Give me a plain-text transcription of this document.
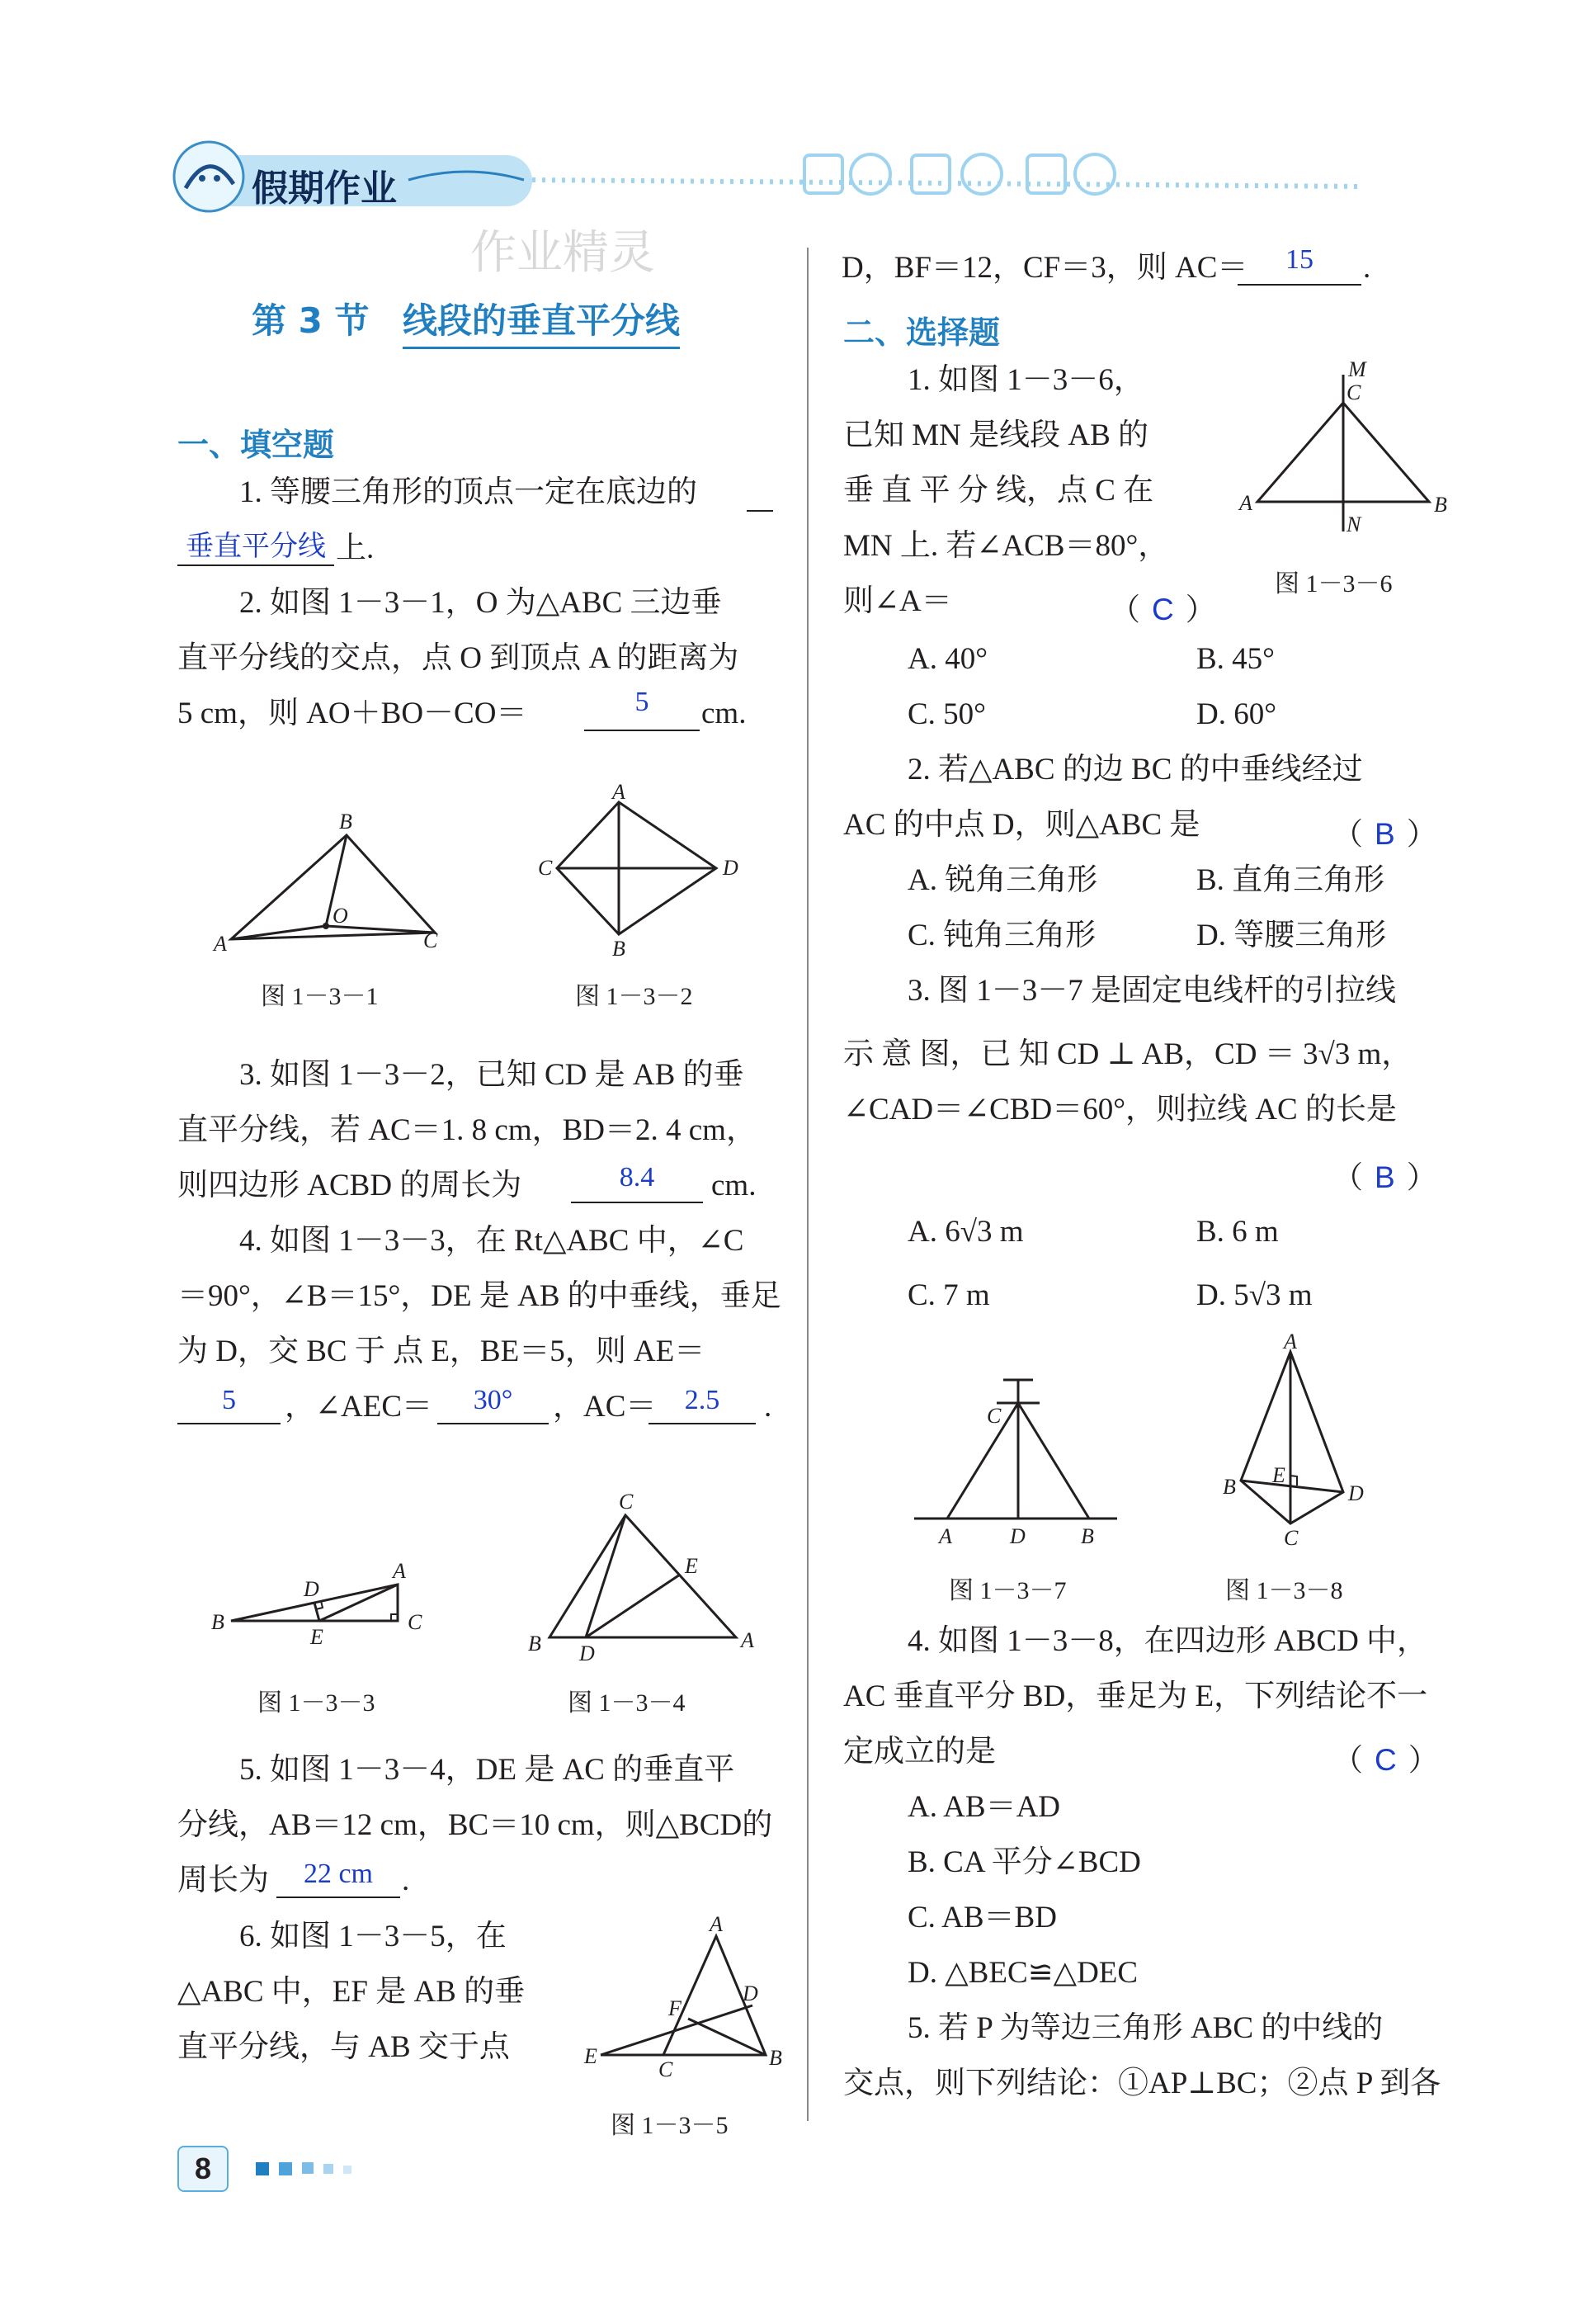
假期作业
作业精灵
第 3 节 线段的垂直平分线
一、填空题
1. 等腰三角形的顶点一定在底边的
垂直平分线 上.
2. 如图 1－3－1，O 为△ABC 三边垂
直平分线的交点，点 O 到顶点 A 的距离为
5 cm，则 AO＋BO－CO＝	5	cm.
A
B
C
O
图 1－3－1
A
B
C	D
图 1－3－2
3. 如图 1－3－2，已知 CD 是 AB 的垂
直平分线，若 AC＝1. 8 cm，BD＝2. 4 cm，
则四边形 ACBD 的周长为	8.4	cm.
4. 如图 1－3－3，在 Rt△ABC 中，∠C
＝90°，∠B＝15°，DE 是 AB 的中垂线，垂足
为 D，交 BC 于 点 E，BE＝5，则 AE＝
5	，∠AEC＝	30°	，AC＝	2.5	.
B
A
C
D
E
图 1－3－3
C
E
B D
A
图 1－3－4
5. 如图 1－3－4，DE 是 AC 的垂直平
分线，AB＝12 cm，BC＝10 cm，则△BCD的
周长为	22 cm .
6. 如图 1－3－5，在
△ABC 中，EF 是 AB 的垂
直平分线，与 AB 交于点
A
B
C
D
E
F
图 1－3－5
D，BF＝12，CF＝3，则 AC＝	15	.
二、选择题
1. 如图 1－3－6，
已知 MN 是线段 AB 的
垂 直 平 分 线，点 C 在
MN 上. 若∠ACB＝80°，
则∠A＝	（ C ）
M
C
A	B
N
图 1－3－6
A. 40°	B. 45°
C. 50°	D. 60°
2. 若△ABC 的边 BC 的中垂线经过
AC 的中点 D，则△ABC 是	（ B ）
A. 锐角三角形	B. 直角三角形
C. 钝角三角形	D. 等腰三角形
3. 图 1－3－7 是固定电线杆的引拉线
示 意 图，已 知 CD ⊥ AB，CD ＝ 3√3 m，
∠CAD＝∠CBD＝60°，则拉线 AC 的长是
（ B ）
A. 6√3 m	B. 6 m
C. 7 m	D. 5√3 m
C
A	D	B
图 1－3－7
A
B
C
D
E
图 1－3－8
4. 如图 1－3－8，在四边形 ABCD 中，
AC 垂直平分 BD，垂足为 E，下列结论不一
定成立的是	（ C ）
A. AB＝AD
B. CA 平分∠BCD
C. AB＝BD
D. △BEC≌△DEC
5. 若 P 为等边三角形 ABC 的中线的
交点，则下列结论：①AP⊥BC；②点 P 到各
8
